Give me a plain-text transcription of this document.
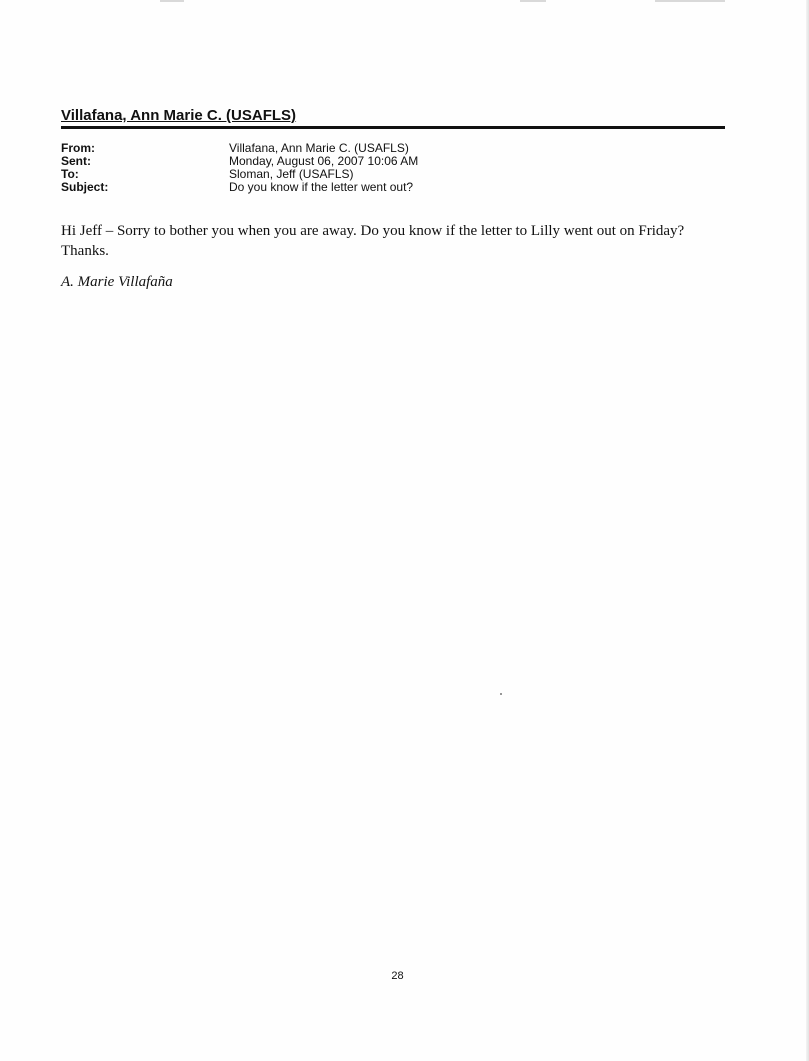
Villafana, Ann Marie C. (USAFLS)
From:	Villafana, Ann Marie C. (USAFLS)
Sent:	Monday, August 06, 2007 10:06 AM
To:	Sloman, Jeff (USAFLS)
Subject:	Do you know if the letter went out?

Hi Jeff – Sorry to bother you when you are away. Do you know if the letter to Lilly went out on Friday?

Thanks.

A. Marie Villafaña
28
